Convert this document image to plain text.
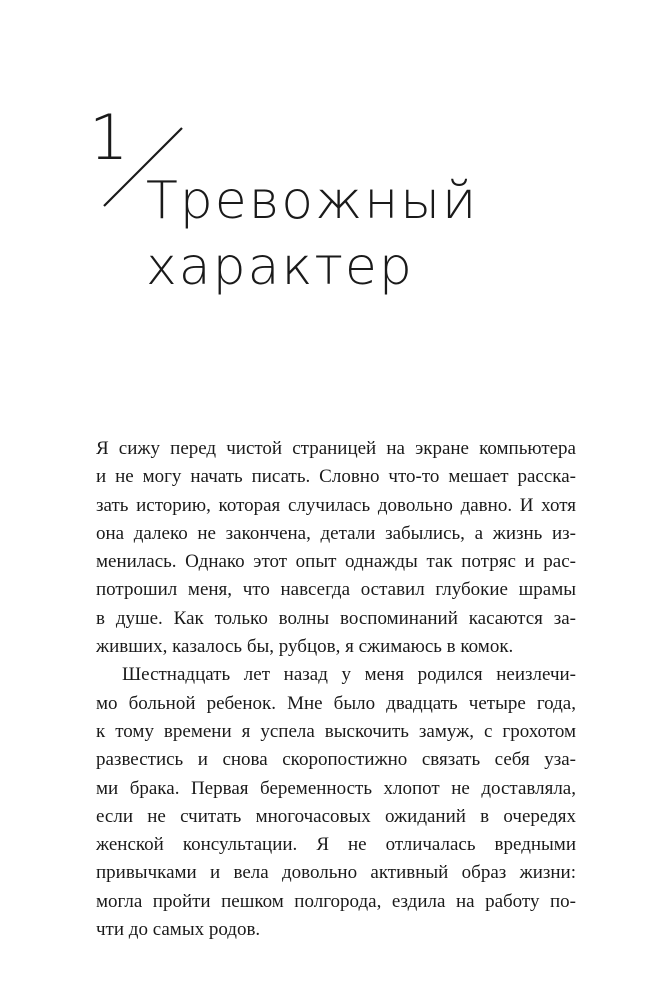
1
Тревожный
характер
Я сижу перед чистой страницей на экране компьютера
и не могу начать писать. Словно что-то мешает расска-
зать историю, которая случилась довольно давно. И хотя
она далеко не закончена, детали забылись, а жизнь из-
менилась. Однако этот опыт однажды так потряс и рас-
потрошил меня, что навсегда оставил глубокие шрамы
в душе. Как только волны воспоминаний касаются за-
живших, казалось бы, рубцов, я сжимаюсь в комок.
Шестнадцать лет назад у меня родился неизлечи-
мо больной ребенок. Мне было двадцать четыре года,
к тому времени я успела выскочить замуж, с грохотом
развестись и снова скоропостижно связать себя уза-
ми брака. Первая беременность хлопот не доставляла,
если не считать многочасовых ожиданий в очередях
женской консультации. Я не отличалась вредными
привычками и вела довольно активный образ жизни:
могла пройти пешком полгорода, ездила на работу по-
чти до самых родов.
